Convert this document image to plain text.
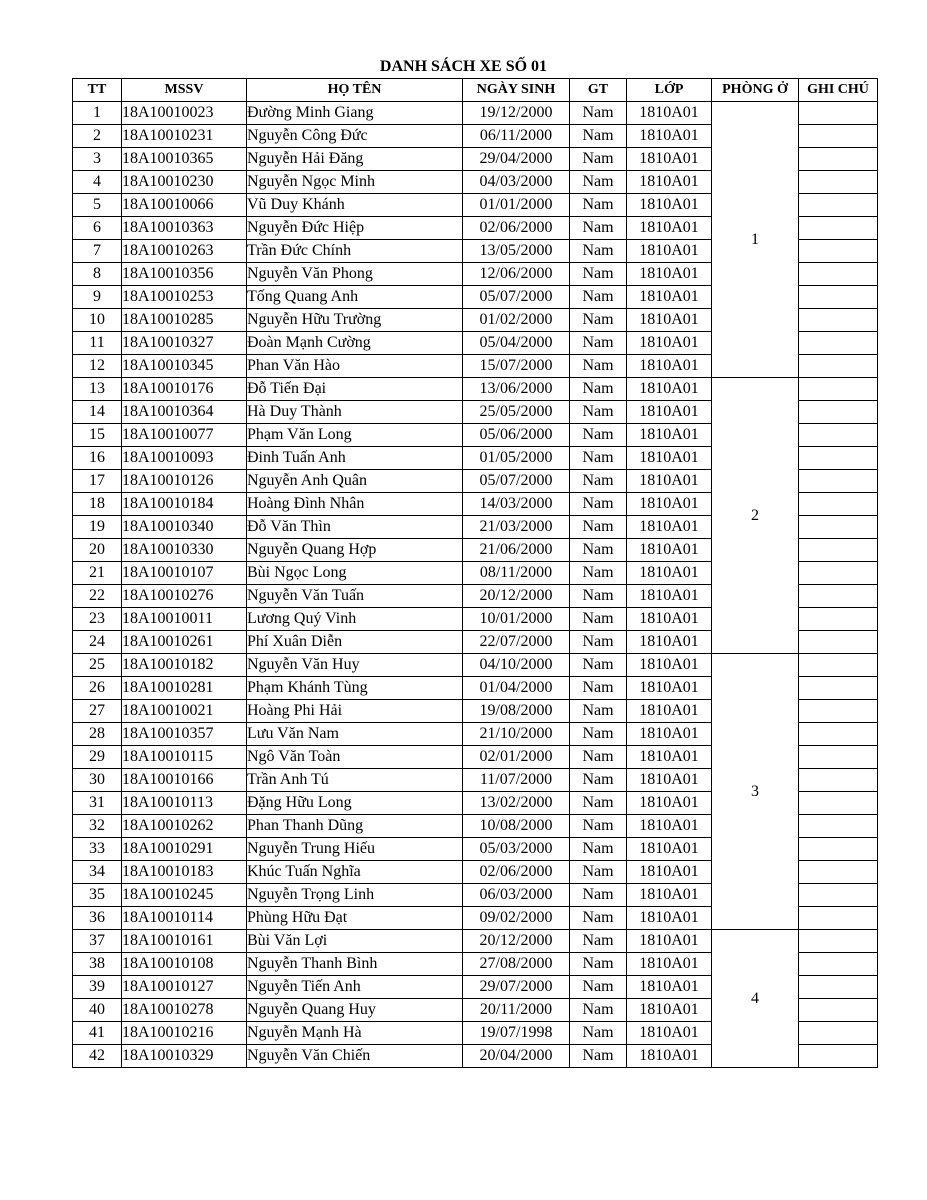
DANH SÁCH XE SỐ 01
TT	MSSV	HỌ TÊN	NGÀY SINH	GT	LỚP	PHÒNG Ở	GHI CHÚ
1	18A10010023	Đường Minh Giang	19/12/2000	Nam	1810A01	1	
2	18A10010231	Nguyễn Công Đức	06/11/2000	Nam	1810A01		
3	18A10010365	Nguyễn Hải Đăng	29/04/2000	Nam	1810A01		
4	18A10010230	Nguyễn Ngọc Minh	04/03/2000	Nam	1810A01		
5	18A10010066	Vũ Duy Khánh	01/01/2000	Nam	1810A01		
6	18A10010363	Nguyễn Đức Hiệp	02/06/2000	Nam	1810A01		
7	18A10010263	Trần Đức Chính	13/05/2000	Nam	1810A01		
8	18A10010356	Nguyễn Văn Phong	12/06/2000	Nam	1810A01		
9	18A10010253	Tống Quang Anh	05/07/2000	Nam	1810A01		
10	18A10010285	Nguyễn Hữu Trường	01/02/2000	Nam	1810A01		
11	18A10010327	Đoàn Mạnh Cường	05/04/2000	Nam	1810A01		
12	18A10010345	Phan Văn Hào	15/07/2000	Nam	1810A01		
13	18A10010176	Đỗ Tiến Đại	13/06/2000	Nam	1810A01	2	
14	18A10010364	Hà Duy Thành	25/05/2000	Nam	1810A01		
15	18A10010077	Phạm Văn Long	05/06/2000	Nam	1810A01		
16	18A10010093	Đinh Tuấn Anh	01/05/2000	Nam	1810A01		
17	18A10010126	Nguyễn Anh Quân	05/07/2000	Nam	1810A01		
18	18A10010184	Hoàng Đình Nhân	14/03/2000	Nam	1810A01		
19	18A10010340	Đỗ Văn Thìn	21/03/2000	Nam	1810A01		
20	18A10010330	Nguyễn Quang Hợp	21/06/2000	Nam	1810A01		
21	18A10010107	Bùi Ngọc Long	08/11/2000	Nam	1810A01		
22	18A10010276	Nguyễn Văn Tuấn	20/12/2000	Nam	1810A01		
23	18A10010011	Lương Quý Vinh	10/01/2000	Nam	1810A01		
24	18A10010261	Phí Xuân Diễn	22/07/2000	Nam	1810A01		
25	18A10010182	Nguyễn Văn Huy	04/10/2000	Nam	1810A01	3	
26	18A10010281	Phạm Khánh Tùng	01/04/2000	Nam	1810A01		
27	18A10010021	Hoàng Phi Hải	19/08/2000	Nam	1810A01		
28	18A10010357	Lưu Văn Nam	21/10/2000	Nam	1810A01		
29	18A10010115	Ngô Văn Toàn	02/01/2000	Nam	1810A01		
30	18A10010166	Trần Anh Tú	11/07/2000	Nam	1810A01		
31	18A10010113	Đặng Hữu Long	13/02/2000	Nam	1810A01		
32	18A10010262	Phan Thanh Dũng	10/08/2000	Nam	1810A01		
33	18A10010291	Nguyễn Trung Hiếu	05/03/2000	Nam	1810A01		
34	18A10010183	Khúc Tuấn Nghĩa	02/06/2000	Nam	1810A01		
35	18A10010245	Nguyễn Trọng Linh	06/03/2000	Nam	1810A01		
36	18A10010114	Phùng Hữu Đạt	09/02/2000	Nam	1810A01		
37	18A10010161	Bùi Văn Lợi	20/12/2000	Nam	1810A01	4	
38	18A10010108	Nguyễn Thanh Bình	27/08/2000	Nam	1810A01		
39	18A10010127	Nguyễn Tiến Anh	29/07/2000	Nam	1810A01		
40	18A10010278	Nguyễn Quang Huy	20/11/2000	Nam	1810A01		
41	18A10010216	Nguyễn Mạnh Hà	19/07/1998	Nam	1810A01		
42	18A10010329	Nguyễn Văn Chiến	20/04/2000	Nam	1810A01		
